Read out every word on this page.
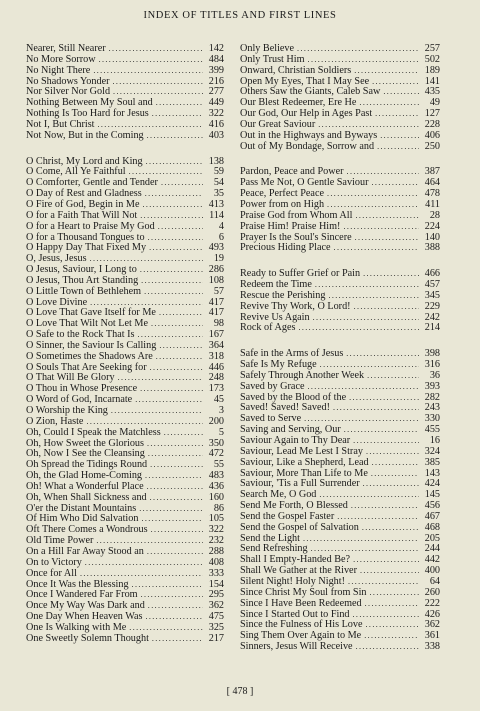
INDEX OF TITLES AND FIRST LINES
Nearer, Still Nearer .....	142
No More Sorrow .....	484
No Night There .....	399
No Shadows Yonder .....	216
Nor Silver Nor Gold .....	277
Nothing Between My Soul and .....	449
Nothing Is Too Hard for Jesus .....	322
Not I, But Christ .....	416
Not Now, But in the Coming .....	403
O Christ, My Lord and King .....	138
O Come, All Ye Faithful .....	59
O Comforter, Gentle and Tender .....	54
O Day of Rest and Gladness .....	35
O Fire of God, Begin in Me .....	413
O for a Faith That Will Not .....	114
O for a Heart to Praise My God .....	4
O for a Thousand Tongues to .....	6
O Happy Day That Fixed My .....	493
O, Jesus, Jesus .....	19
O Jesus, Saviour, I Long to .....	286
O Jesus, Thou Art Standing .....	108
O Little Town of Bethlehem .....	57
O Love Divine .....	417
O Love That Gave Itself for Me .....	417
O Love That Wilt Not Let Me .....	98
O Safe to the Rock That Is .....	167
O Sinner, the Saviour Is Calling .....	364
O Sometimes the Shadows Are .....	318
O Souls That Are Seeking for .....	446
O That Will Be Glory .....	248
O Thou in Whose Presence .....	173
O Word of God, Incarnate .....	45
O Worship the King .....	3
O Zion, Haste .....	200
Oh, Could I Speak the Matchless .....	5
Oh, How Sweet the Glorious .....	350
Oh, Now I See the Cleansing .....	472
Oh Spread the Tidings Round .....	55
Oh, the Glad Home-Coming .....	483
Oh! What a Wonderful Place .....	436
Oh, When Shall Sickness and .....	160
O'er the Distant Mountains .....	86
Of Him Who Did Salvation .....	105
Oft There Comes a Wondrous .....	322
Old Time Power .....	232
On a Hill Far Away Stood an .....	288
On to Victory .....	408
Once for All .....	333
Once It Was the Blessing .....	154
Once I Wandered Far From .....	295
Once My Way Was Dark and .....	362
One Day When Heaven Was .....	475
One Is Walking with Me .....	325
One Sweetly Solemn Thought .....	217
Only Believe .....	257
Only Trust Him .....	502
Onward, Christian Soldiers .....	189
Open My Eyes, That I May See .....	141
Others Saw the Giants, Caleb Saw .....	435
Our Blest Redeemer, Ere He .....	49
Our God, Our Help in Ages Past .....	127
Our Great Saviour .....	228
Out in the Highways and Byways .....	406
Out of My Bondage, Sorrow and .....	250
Pardon, Peace and Power .....	387
Pass Me Not, O Gentle Saviour .....	464
Peace, Perfect Peace .....	478
Power from on High .....	411
Praise God from Whom All .....	28
Praise Him! Praise Him! .....	224
Prayer Is the Soul's Sincere .....	140
Precious Hiding Place .....	388
Ready to Suffer Grief or Pain .....	466
Redeem the Time .....	457
Rescue the Perishing .....	345
Revive Thy Work, O Lord! .....	229
Revive Us Again .....	242
Rock of Ages .....	214
Safe in the Arms of Jesus .....	398
Safe Is My Refuge .....	316
Safely Through Another Week .....	36
Saved by Grace .....	393
Saved by the Blood of the .....	282
Saved! Saved! Saved! .....	243
Saved to Serve .....	330
Saving and Serving, Our .....	455
Saviour Again to Thy Dear .....	16
Saviour, Lead Me Lest I Stray .....	324
Saviour, Like a Shepherd, Lead .....	385
Saviour, More Than Life to Me .....	143
Saviour, 'Tis a Full Surrender .....	424
Search Me, O God .....	145
Send Me Forth, O Blessed .....	456
Send the Gospel Faster .....	467
Send the Gospel of Salvation .....	468
Send the Light .....	205
Send Refreshing .....	244
Shall I Empty-Handed Be? .....	442
Shall We Gather at the River .....	400
Silent Night! Holy Night! .....	64
Since Christ My Soul from Sin .....	260
Since I Have Been Redeemed .....	222
Since I Started Out to Find .....	426
Since the Fulness of His Love .....	362
Sing Them Over Again to Me .....	361
Sinners, Jesus Will Receive .....	338
[ 478 ]
